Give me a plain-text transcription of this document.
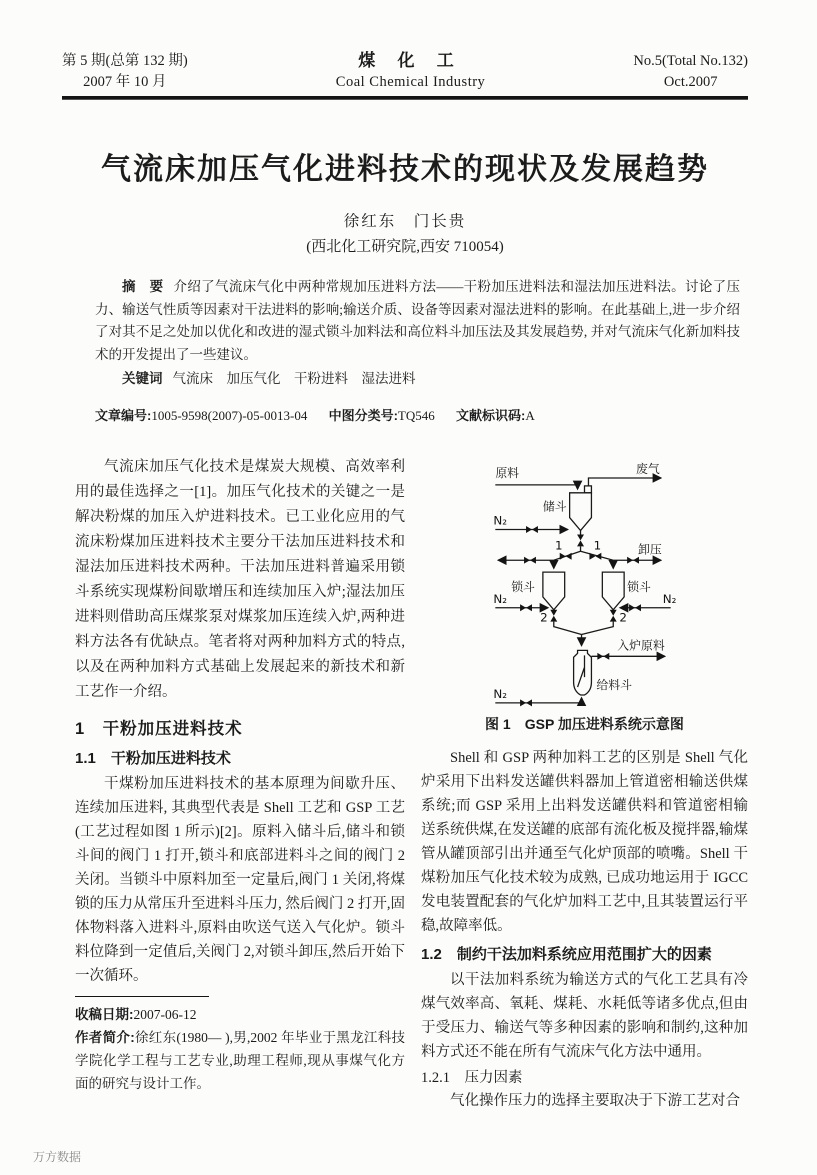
第 5 期(总第 132 期)
2007 年 10 月
煤 化 工
Coal Chemical Industry
No.5(Total No.132)
Oct.2007
气流床加压气化进料技术的现状及发展趋势
徐红东　门长贵
(西北化工研究院,西安 710054)

摘　要 介绍了气流床气化中两种常规加压进料方法——干粉加压进料法和湿法加压进料法。讨论了压力、输送气性质等因素对干法进料的影响;输送介质、设备等因素对湿法进料的影响。在此基础上,进一步介绍了对其不足之处加以优化和改进的湿式锁斗加料法和高位料斗加压法及其发展趋势, 并对气流床气化新加料技术的开发提出了一些建议。

关键词 气流床　加压气化　干粉进料　湿法进料

文章编号:1005-9598(2007)-05-0013-04 中图分类号:TQ546 文献标识码:A

气流床加压气化技术是煤炭大规模、高效率利用的最佳选择之一[1]。加压气化技术的关键之一是解决粉煤的加压入炉进料技术。已工业化应用的气流床粉煤加压进料技术主要分干法加压进料技术和湿法加压进料技术两种。干法加压进料普遍采用锁斗系统实现煤粉间歇增压和连续加压入炉;湿法加压进料则借助高压煤浆泵对煤浆加压连续入炉,两种进料方法各有优缺点。笔者将对两种加料方式的特点,以及在两种加料方式基础上发展起来的新技术和新工艺作一介绍。

1　干粉加压进料技术
1.1　干粉加压进料技术

干煤粉加压进料技术的基本原理为间歇升压、连续加压进料, 其典型代表是 Shell 工艺和 GSP 工艺(工艺过程如图 1 所示)[2]。原料入储斗后,储斗和锁斗间的阀门 1 打开,锁斗和底部进料斗之间的阀门 2 关闭。当锁斗中原料加至一定量后,阀门 1 关闭,将煤锁的压力从常压升至进料斗压力, 然后阀门 2 打开,固体物料落入进料斗,原料由吹送气送入气化炉。锁斗料位降到一定值后,关阀门 2,对锁斗卸压,然后开始下一次循环。

收稿日期:2007-06-12

作者简介:徐红东(1980— ),男,2002 年毕业于黑龙江科技学院化学工程与工艺专业,助理工程师,现从事煤气化方面的研究与设计工作。

原料	废气
储斗
N₂
1	1	卸压
锁斗	锁斗
N₂	N₂
2	2
入炉原料
给料斗
N₂
图 1　GSP 加压进料系统示意图

Shell 和 GSP 两种加料工艺的区别是 Shell 气化炉采用下出料发送罐供料器加上管道密相输送供煤系统;而 GSP 采用上出料发送罐供料和管道密相输送系统供煤,在发送罐的底部有流化板及搅拌器,输煤管从罐顶部引出并通至气化炉顶部的喷嘴。Shell 干煤粉加压气化技术较为成熟, 已成功地运用于 IGCC 发电装置配套的气化炉加料工艺中,且其装置运行平稳,故障率低。

1.2　制约干法加料系统应用范围扩大的因素

以干法加料系统为输送方式的气化工艺具有冷煤气效率高、氧耗、煤耗、水耗低等诸多优点,但由于受压力、输送气等多种因素的影响和制约,这种加料方式还不能在所有气流床气化方法中通用。

1.2.1　压力因素

气化操作压力的选择主要取决于下游工艺对合

万方数据
